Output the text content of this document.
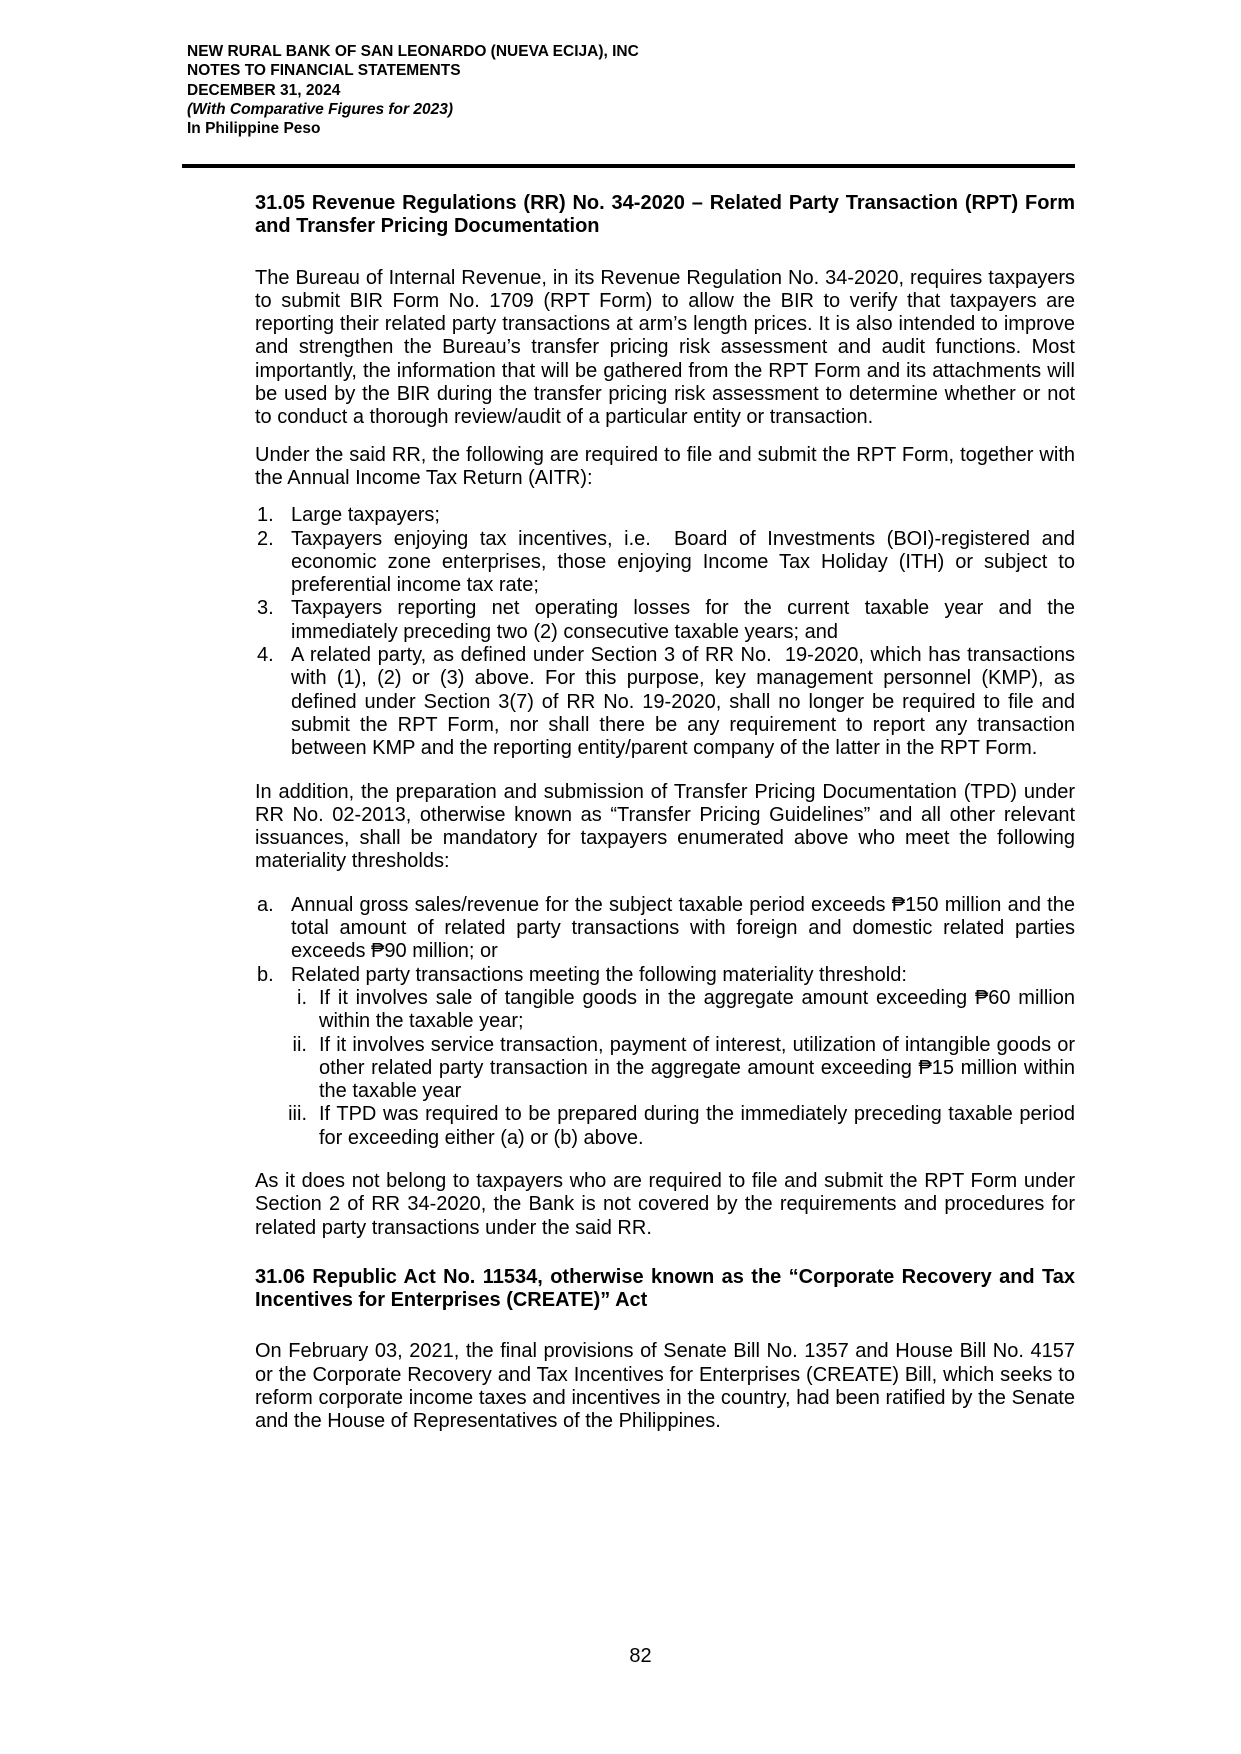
NEW RURAL BANK OF SAN LEONARDO (NUEVA ECIJA), INC
NOTES TO FINANCIAL STATEMENTS
DECEMBER 31, 2024
(With Comparative Figures for 2023)
In Philippine Peso
31.05 Revenue Regulations (RR) No. 34-2020 – Related Party Transaction (RPT) Form and Transfer Pricing Documentation

The Bureau of Internal Revenue, in its Revenue Regulation No. 34-2020, requires taxpayers to submit BIR Form No. 1709 (RPT Form) to allow the BIR to verify that taxpayers are reporting their related party transactions at arm’s length prices. It is also intended to improve and strengthen the Bureau’s transfer pricing risk assessment and audit functions. Most importantly, the information that will be gathered from the RPT Form and its attachments will be used by the BIR during the transfer pricing risk assessment to determine whether or not to conduct a thorough review/audit of a particular entity or transaction.

Under the said RR, the following are required to file and submit the RPT Form, together with the Annual Income Tax Return (AITR):

1. Large taxpayers;
2. Taxpayers enjoying tax incentives, i.e.  Board of Investments (BOI)-registered and economic zone enterprises, those enjoying Income Tax Holiday (ITH) or subject to preferential income tax rate;
3. Taxpayers reporting net operating losses for the current taxable year and the immediately preceding two (2) consecutive taxable years; and
4. A related party, as defined under Section 3 of RR No.  19-2020, which has transactions with (1), (2) or (3) above. For this purpose, key management personnel (KMP), as defined under Section 3(7) of RR No. 19-2020, shall no longer be required to file and submit the RPT Form, nor shall there be any requirement to report any transaction between KMP and the reporting entity/parent company of the latter in the RPT Form.

In addition, the preparation and submission of Transfer Pricing Documentation (TPD) under RR No. 02-2013, otherwise known as “Transfer Pricing Guidelines” and all other relevant issuances, shall be mandatory for taxpayers enumerated above who meet the following materiality thresholds:

a. Annual gross sales/revenue for the subject taxable period exceeds ₱150 million and the total amount of related party transactions with foreign and domestic related parties exceeds ₱90 million; or
b. Related party transactions meeting the following materiality threshold:
i. If it involves sale of tangible goods in the aggregate amount exceeding ₱60 million within the taxable year;
ii. If it involves service transaction, payment of interest, utilization of intangible goods or other related party transaction in the aggregate amount exceeding ₱15 million within the taxable year
iii. If TPD was required to be prepared during the immediately preceding taxable period for exceeding either (a) or (b) above.

As it does not belong to taxpayers who are required to file and submit the RPT Form under Section 2 of RR 34-2020, the Bank is not covered by the requirements and procedures for related party transactions under the said RR.

31.06 Republic Act No. 11534, otherwise known as the “Corporate Recovery and Tax Incentives for Enterprises (CREATE)” Act

On February 03, 2021, the final provisions of Senate Bill No. 1357 and House Bill No. 4157 or the Corporate Recovery and Tax Incentives for Enterprises (CREATE) Bill, which seeks to reform corporate income taxes and incentives in the country, had been ratified by the Senate and the House of Representatives of the Philippines.

82
